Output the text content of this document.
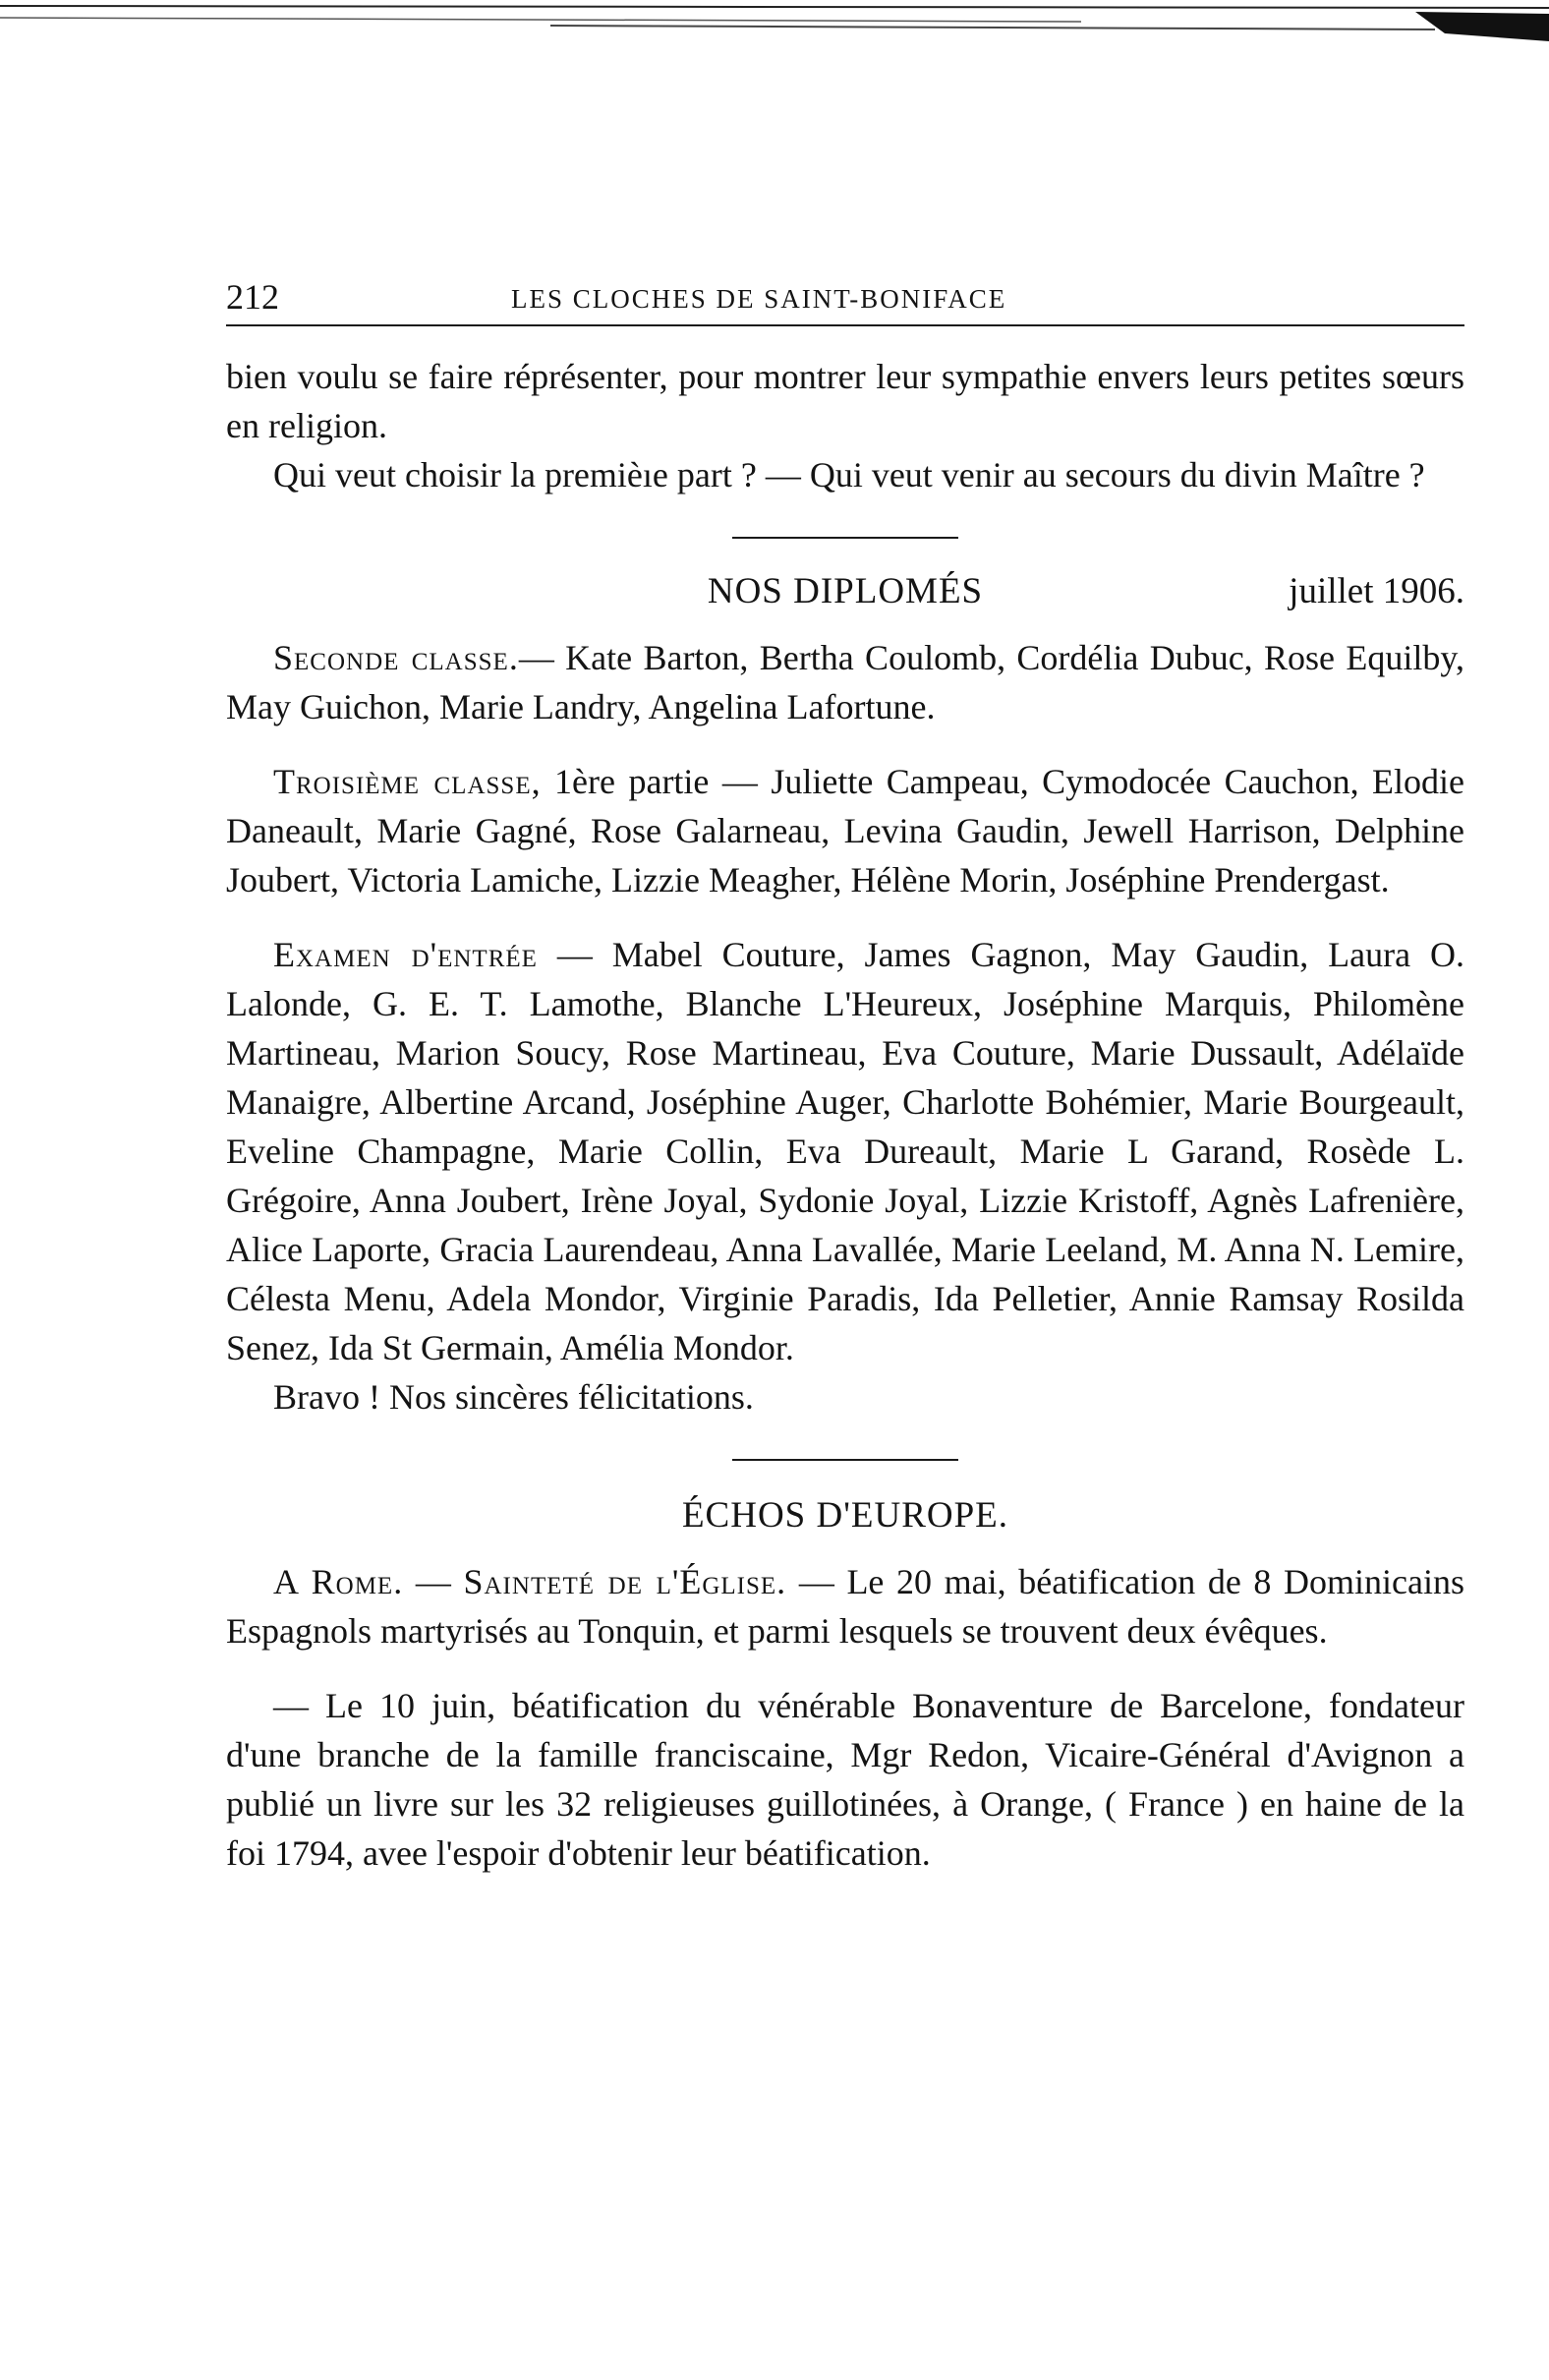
212	LES CLOCHES DE SAINT-BONIFACE

bien voulu se faire réprésenter, pour montrer leur sympathie envers leurs petites sœurs en religion.

Qui veut choisir la premièıe part ? — Qui veut venir au secours du divin Maître ?

NOS DIPLOMÉS	juillet 1906.

Seconde classe.— Kate Barton, Bertha Coulomb, Cordélia Dubuc, Rose Equilby, May Guichon, Marie Landry, Angelina Lafortune.

Troisième classe, 1ère partie — Juliette Campeau, Cymodocée Cauchon, Elodie Daneault, Marie Gagné, Rose Galarneau, Levina Gaudin, Jewell Harrison, Delphine Joubert, Victoria Lamiche, Lizzie Meagher, Hélène Morin, Joséphine Prendergast.

Examen d'entrée — Mabel Couture, James Gagnon, May Gaudin, Laura O. Lalonde, G. E. T. Lamothe, Blanche L'Heureux, Joséphine Marquis, Philomène Martineau, Marion Soucy, Rose Martineau, Eva Couture, Marie Dussault, Adélaïde Manaigre, Albertine Arcand, Joséphine Auger, Charlotte Bohémier, Marie Bourgeault, Eveline Champagne, Marie Collin, Eva Dureault, Marie L Garand, Rosède L. Grégoire, Anna Joubert, Irène Joyal, Sydonie Joyal, Lizzie Kristoff, Agnès Lafrenière, Alice Laporte, Gracia Laurendeau, Anna Lavallée, Marie Leeland, M. Anna N. Lemire, Célesta Menu, Adela Mondor, Virginie Paradis, Ida Pelletier, Annie Ramsay Rosilda Senez, Ida St Germain, Amélia Mondor.

Bravo ! Nos sincères félicitations.

ÉCHOS D'EUROPE.

A Rome. — Sainteté de l'Église. — Le 20 mai, béatification de 8 Dominicains Espagnols martyrisés au Tonquin, et parmi lesquels se trouvent deux évêques.

— Le 10 juin, béatification du vénérable Bonaventure de Barcelone, fondateur d'une branche de la famille franciscaine, Mgr Redon, Vicaire-Général d'Avignon a publié un livre sur les 32 religieuses guillotinées, à Orange, ( France ) en haine de la foi 1794, avee l'espoir d'obtenir leur béatification.
